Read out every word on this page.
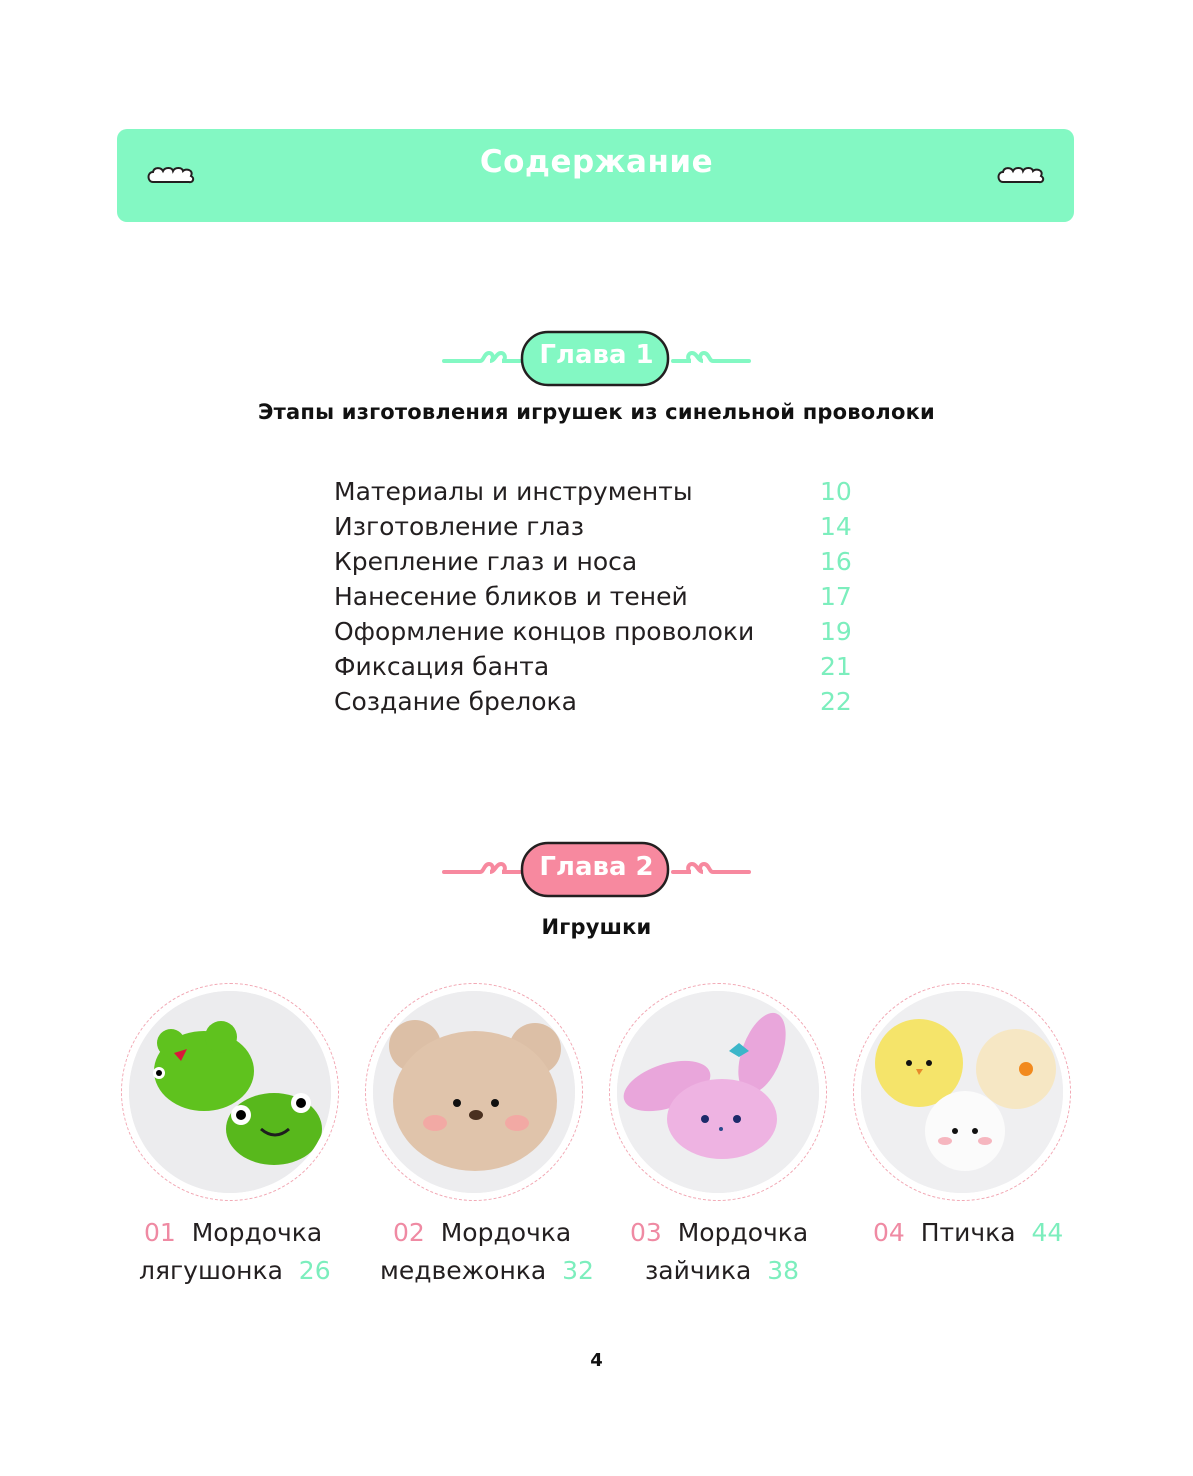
Содержание
Глава 1
Этапы изготовления игрушек из синельной проволоки
Материалы и инструменты	10
Изготовление глаз	14
Крепление глаз и носа	16
Нанесение бликов и теней	17
Оформление концов проволоки	19
Фиксация банта	21
Создание брелока	22
Глава 2
Игрушки
01 Мордочка
лягушонка 26
02 Мордочка
медвежонка 32
03 Мордочка
зайчика 38
04 Птичка 44
4
